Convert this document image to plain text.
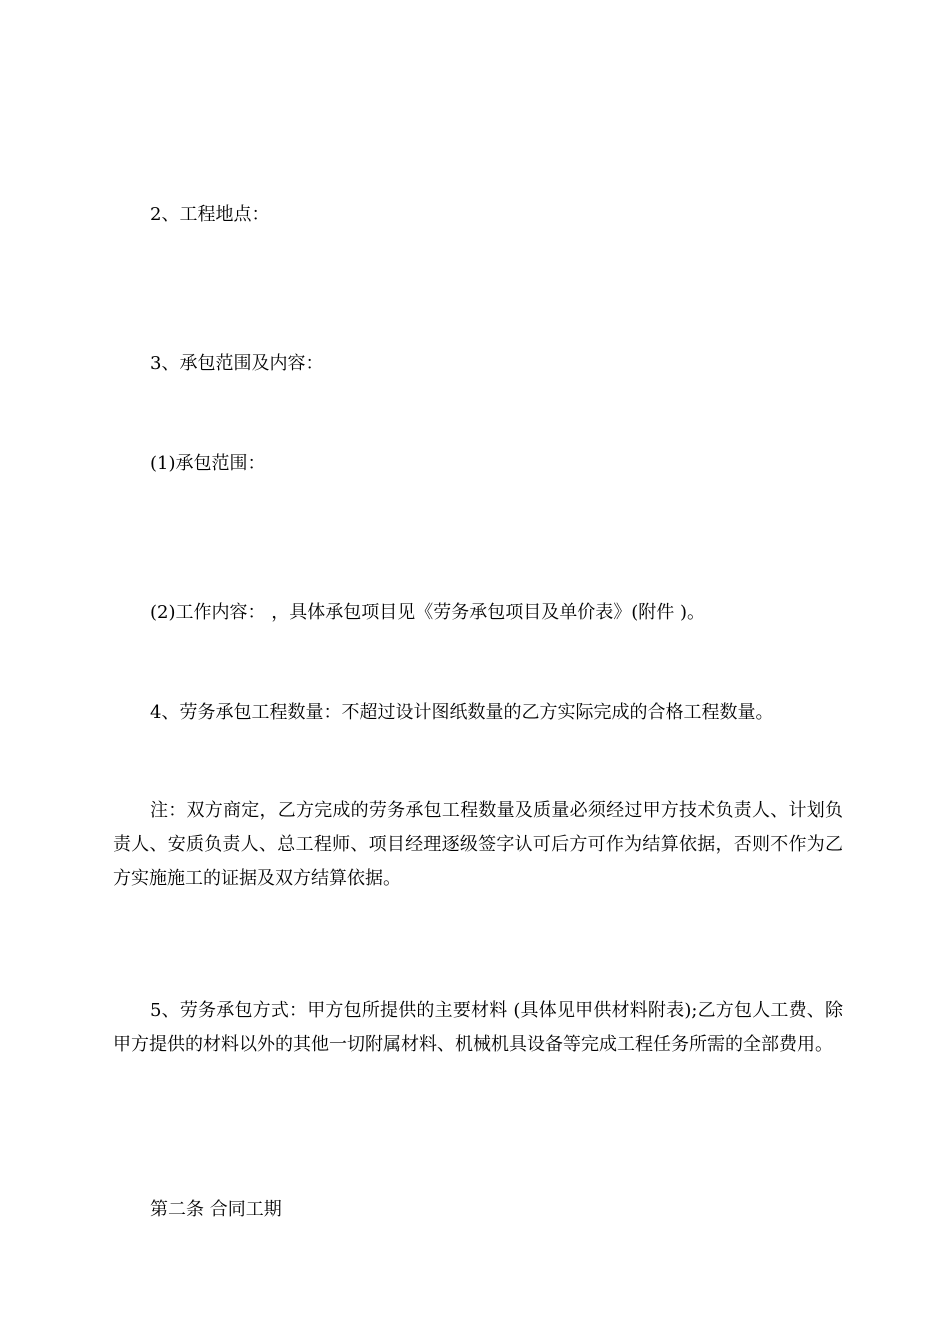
2、工程地点：
3、承包范围及内容：
(1)承包范围：
(2)工作内容： ，具体承包项目见《劳务承包项目及单价表》(附件 )。
4、劳务承包工程数量：不超过设计图纸数量的乙方实际完成的合格工程数量。
注：双方商定，乙方完成的劳务承包工程数量及质量必须经过甲方技术负责人、计划负责人、安质负责人、总工程师、项目经理逐级签字认可后方可作为结算依据，否则不作为乙方实施施工的证据及双方结算依据。
5、劳务承包方式：甲方包所提供的主要材料 (具体见甲供材料附表);乙方包人工费、除甲方提供的材料以外的其他一切附属材料、机械机具设备等完成工程任务所需的全部费用。
第二条 合同工期
